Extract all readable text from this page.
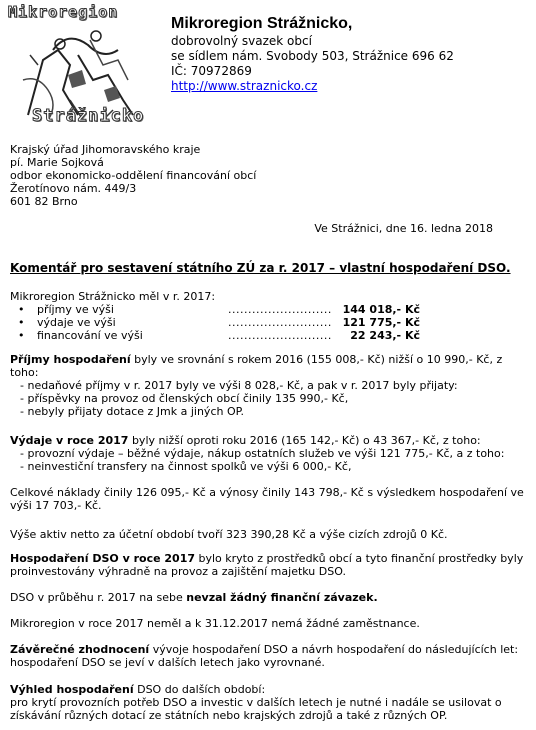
Mikroregion
Strážnicko
Mikroregion Strážnicko,
dobrovolný svazek obcí
se sídlem nám. Svobody 503, Strážnice 696 62
IČ: 70972869
http://www.straznicko.cz
Krajský úřad Jihomoravského kraje
pí. Marie Sojková
odbor ekonomicko-oddělení financování obcí
Žerotínovo nám. 449/3
601 82 Brno
Ve Strážnici, dne 16. ledna 2018
Komentář pro sestavení státního ZÚ za r. 2017 – vlastní hospodaření DSO.
Mikroregion Strážnicko měl v r. 2017:
• příjmy ve výši	.......................... 144 018,- Kč
• výdaje ve výši	.......................... 121 775,- Kč
• financování ve výši	..........................	22 243,- Kč

Příjmy hospodaření byly ve srovnání s rokem 2016 (155 008,- Kč) nižší o 10 990,- Kč, z toho:

- nedaňové příjmy v r. 2017 byly ve výši 8 028,- Kč, a pak v r. 2017 byly přijaty:
- příspěvky na provoz od členských obcí činily 135 990,- Kč,
- nebyly přijaty dotace z Jmk a jiných OP.

Výdaje v roce 2017 byly nižší oproti roku 2016 (165 142,- Kč) o 43 367,- Kč, z toho:

- provozní výdaje – běžné výdaje, nákup ostatních služeb ve výši 121 775,- Kč, a z toho:
- neinvestiční transfery na činnost spolků ve výši 6 000,- Kč,
Celkové náklady činily 126 095,- Kč a výnosy činily 143 798,- Kč s výsledkem hospodaření ve výši 17 703,- Kč.
Výše aktiv netto za účetní období tvoří 323 390,28 Kč a výše cizích zdrojů 0 Kč.
Hospodaření DSO v roce 2017 bylo kryto z prostředků obcí a tyto finanční prostředky byly proinvestovány výhradně na provoz a zajištění majetku DSO.
DSO v průběhu r. 2017 na sebe nevzal žádný finanční závazek.
Mikroregion v roce 2017 neměl a k 31.12.2017 nemá žádné zaměstnance.
Závěrečné zhodnocení vývoje hospodaření DSO a návrh hospodaření do následujících let: hospodaření DSO se jeví v dalších letech jako vyrovnané.
Výhled hospodaření DSO do dalších období:
pro krytí provozních potřeb DSO a investic v dalších letech je nutné i nadále se usilovat o získávání různých dotací ze státních nebo krajských zdrojů a také z různých OP.
